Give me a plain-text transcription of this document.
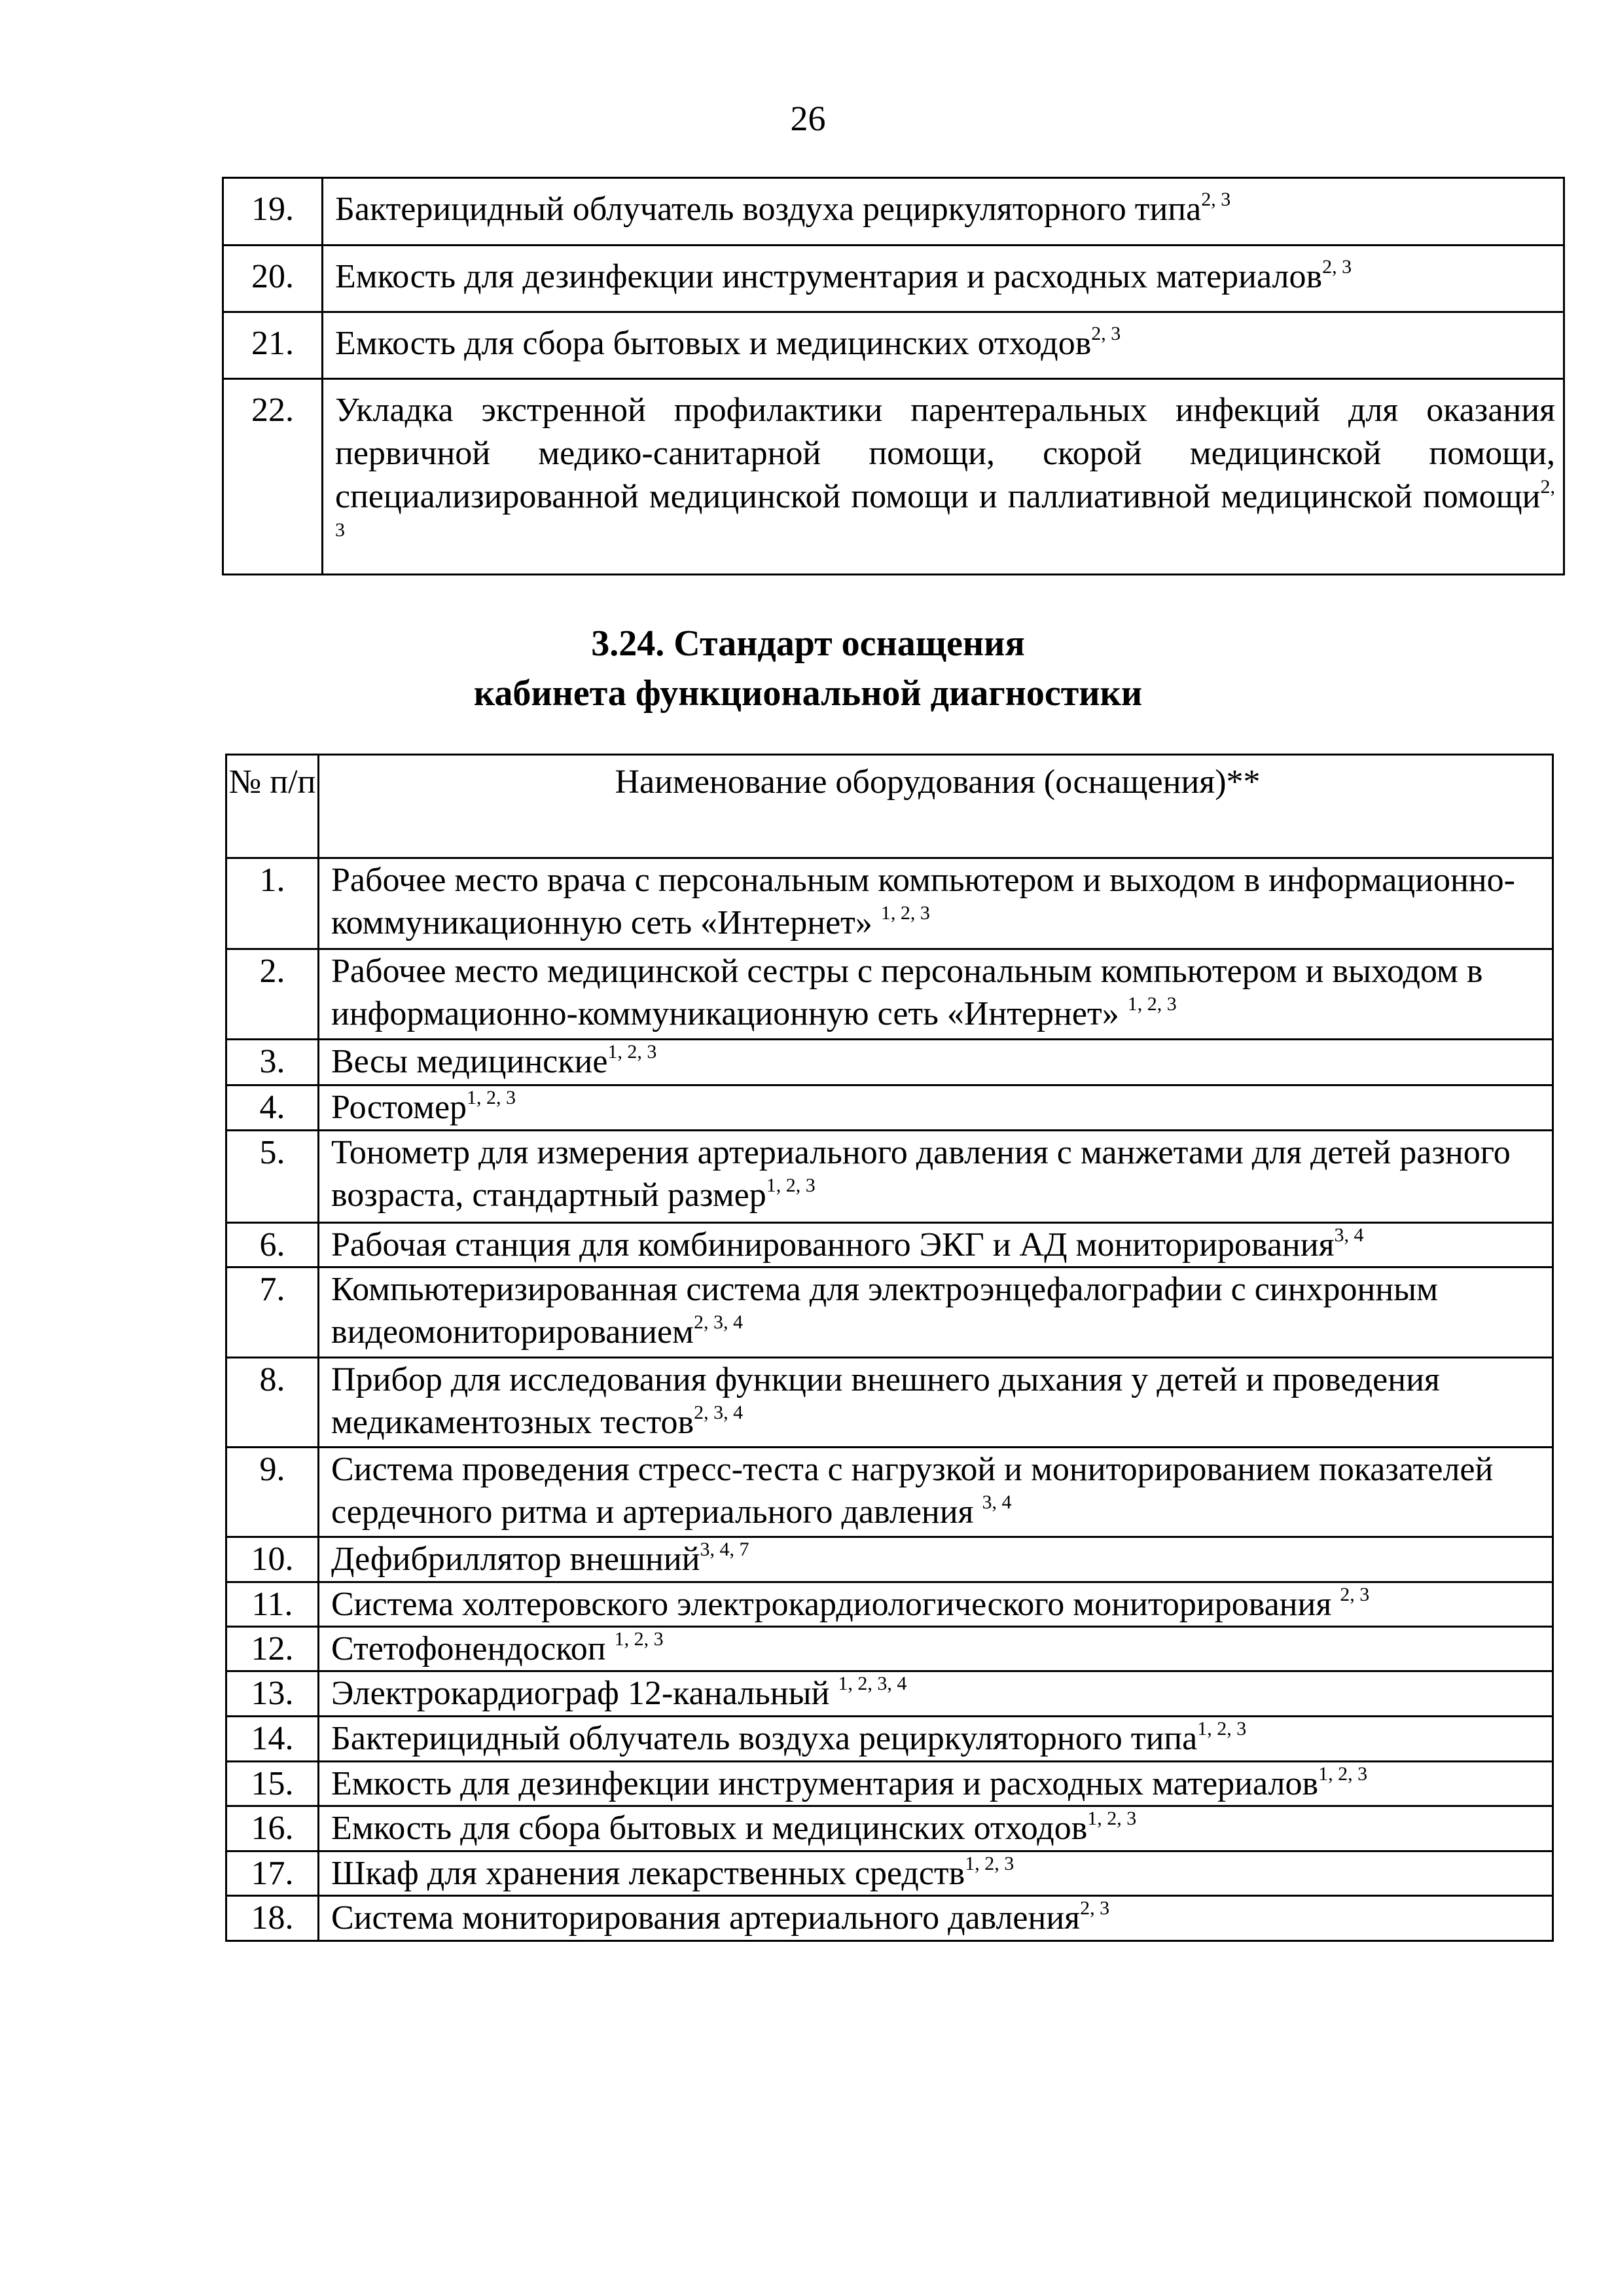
26
19.	Бактерицидный облучатель воздуха рециркуляторного типа$^{2, 3}$
20.	Емкость для дезинфекции инструментария и расходных материалов$^{2, 3}$
21.	Емкость для сбора бытовых и медицинских отходов$^{2, 3}$
22.	Укладка экстренной профилактики парентеральных инфекций для оказания первичной медико-санитарной помощи, скорой медицинской помощи, специализированной медицинской помощи и паллиативной медицинской помощи$^{2, 3}$
3.24. Стандарт оснащения
кабинета функциональной диагностики
№ п/п	Наименование оборудования (оснащения)**
1.	Рабочее место врача с персональным компьютером и выходом в информационно-коммуникационную сеть «Интернет» $^{1, 2, 3}$
2.	Рабочее место медицинской сестры с персональным компьютером и выходом в информационно-коммуникационную сеть «Интернет» $^{1, 2, 3}$
3.	Весы медицинские$^{1, 2, 3}$
4.	Ростомер$^{1, 2, 3}$
5.	Тонометр для измерения артериального давления с манжетами для детей разного возраста, стандартный размер$^{1, 2, 3}$
6.	Рабочая станция для комбинированного ЭКГ и АД мониторирования$^{3, 4}$
7.	Компьютеризированная система для электроэнцефалографии с синхронным видеомониторированием$^{2, 3, 4}$
8.	Прибор для исследования функции внешнего дыхания у детей и проведения медикаментозных тестов$^{2, 3, 4}$
9.	Система проведения стресс-теста с нагрузкой и мониторированием показателей сердечного ритма и артериального давления $^{3, 4}$
10.	Дефибриллятор внешний$^{3, 4, 7}$
11.	Система холтеровского электрокардиологического мониторирования $^{2, 3}$
12.	Стетофонендоскоп $^{1, 2, 3}$
13.	Электрокардиограф 12-канальный $^{1, 2, 3, 4}$
14.	Бактерицидный облучатель воздуха рециркуляторного типа$^{1, 2, 3}$
15.	Емкость для дезинфекции инструментария и расходных материалов$^{1, 2, 3}$
16.	Емкость для сбора бытовых и медицинских отходов$^{1, 2, 3}$
17.	Шкаф для хранения лекарственных средств$^{1, 2, 3}$
18.	Система мониторирования артериального давления$^{2, 3}$
